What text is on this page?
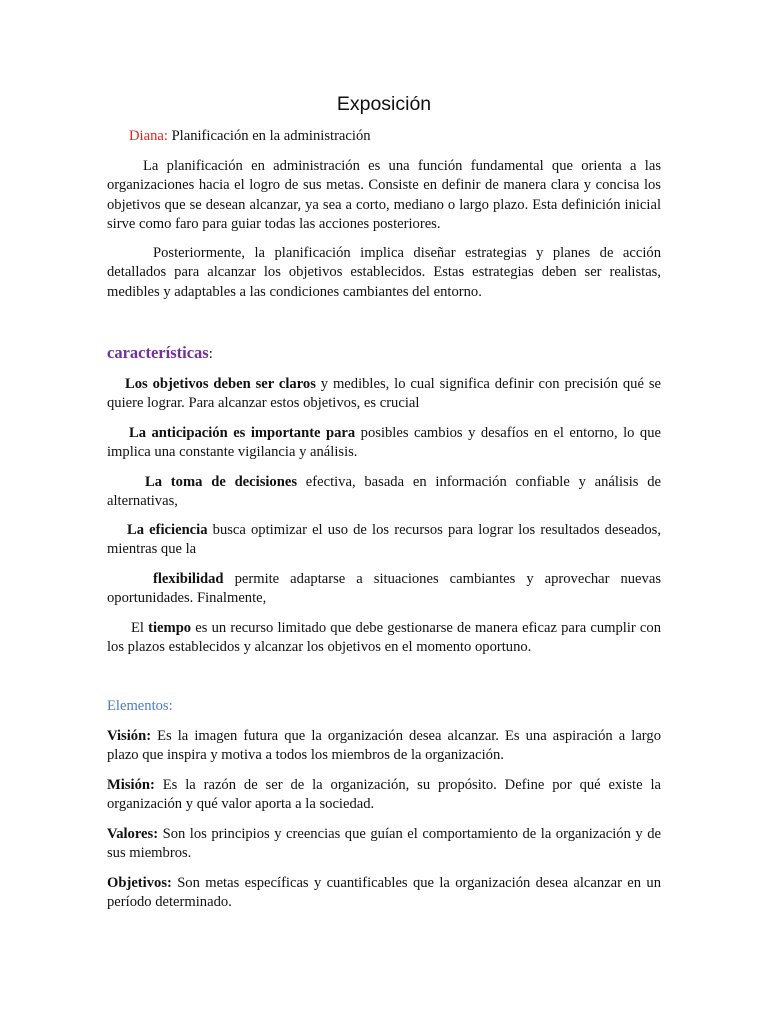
Exposición
Diana: Planificación en la administración
La planificación en administración es una función fundamental que orienta a las organizaciones hacia el logro de sus metas. Consiste en definir de manera clara y concisa los objetivos que se desean alcanzar, ya sea a corto, mediano o largo plazo. Esta definición inicial sirve como faro para guiar todas las acciones posteriores.
Posteriormente, la planificación implica diseñar estrategias y planes de acción detallados para alcanzar los objetivos establecidos. Estas estrategias deben ser realistas, medibles y adaptables a las condiciones cambiantes del entorno.
características:
Los objetivos deben ser claros y medibles, lo cual significa definir con precisión qué se quiere lograr. Para alcanzar estos objetivos, es crucial
La anticipación es importante para posibles cambios y desafíos en el entorno, lo que implica una constante vigilancia y análisis.
La toma de decisiones efectiva, basada en información confiable y análisis de alternativas,
La eficiencia busca optimizar el uso de los recursos para lograr los resultados deseados, mientras que la
flexibilidad permite adaptarse a situaciones cambiantes y aprovechar nuevas oportunidades. Finalmente,
El tiempo es un recurso limitado que debe gestionarse de manera eficaz para cumplir con los plazos establecidos y alcanzar los objetivos en el momento oportuno.
Elementos:
Visión: Es la imagen futura que la organización desea alcanzar. Es una aspiración a largo plazo que inspira y motiva a todos los miembros de la organización.
Misión: Es la razón de ser de la organización, su propósito. Define por qué existe la organización y qué valor aporta a la sociedad.
Valores: Son los principios y creencias que guían el comportamiento de la organización y de sus miembros.
Objetivos: Son metas específicas y cuantificables que la organización desea alcanzar en un período determinado.
